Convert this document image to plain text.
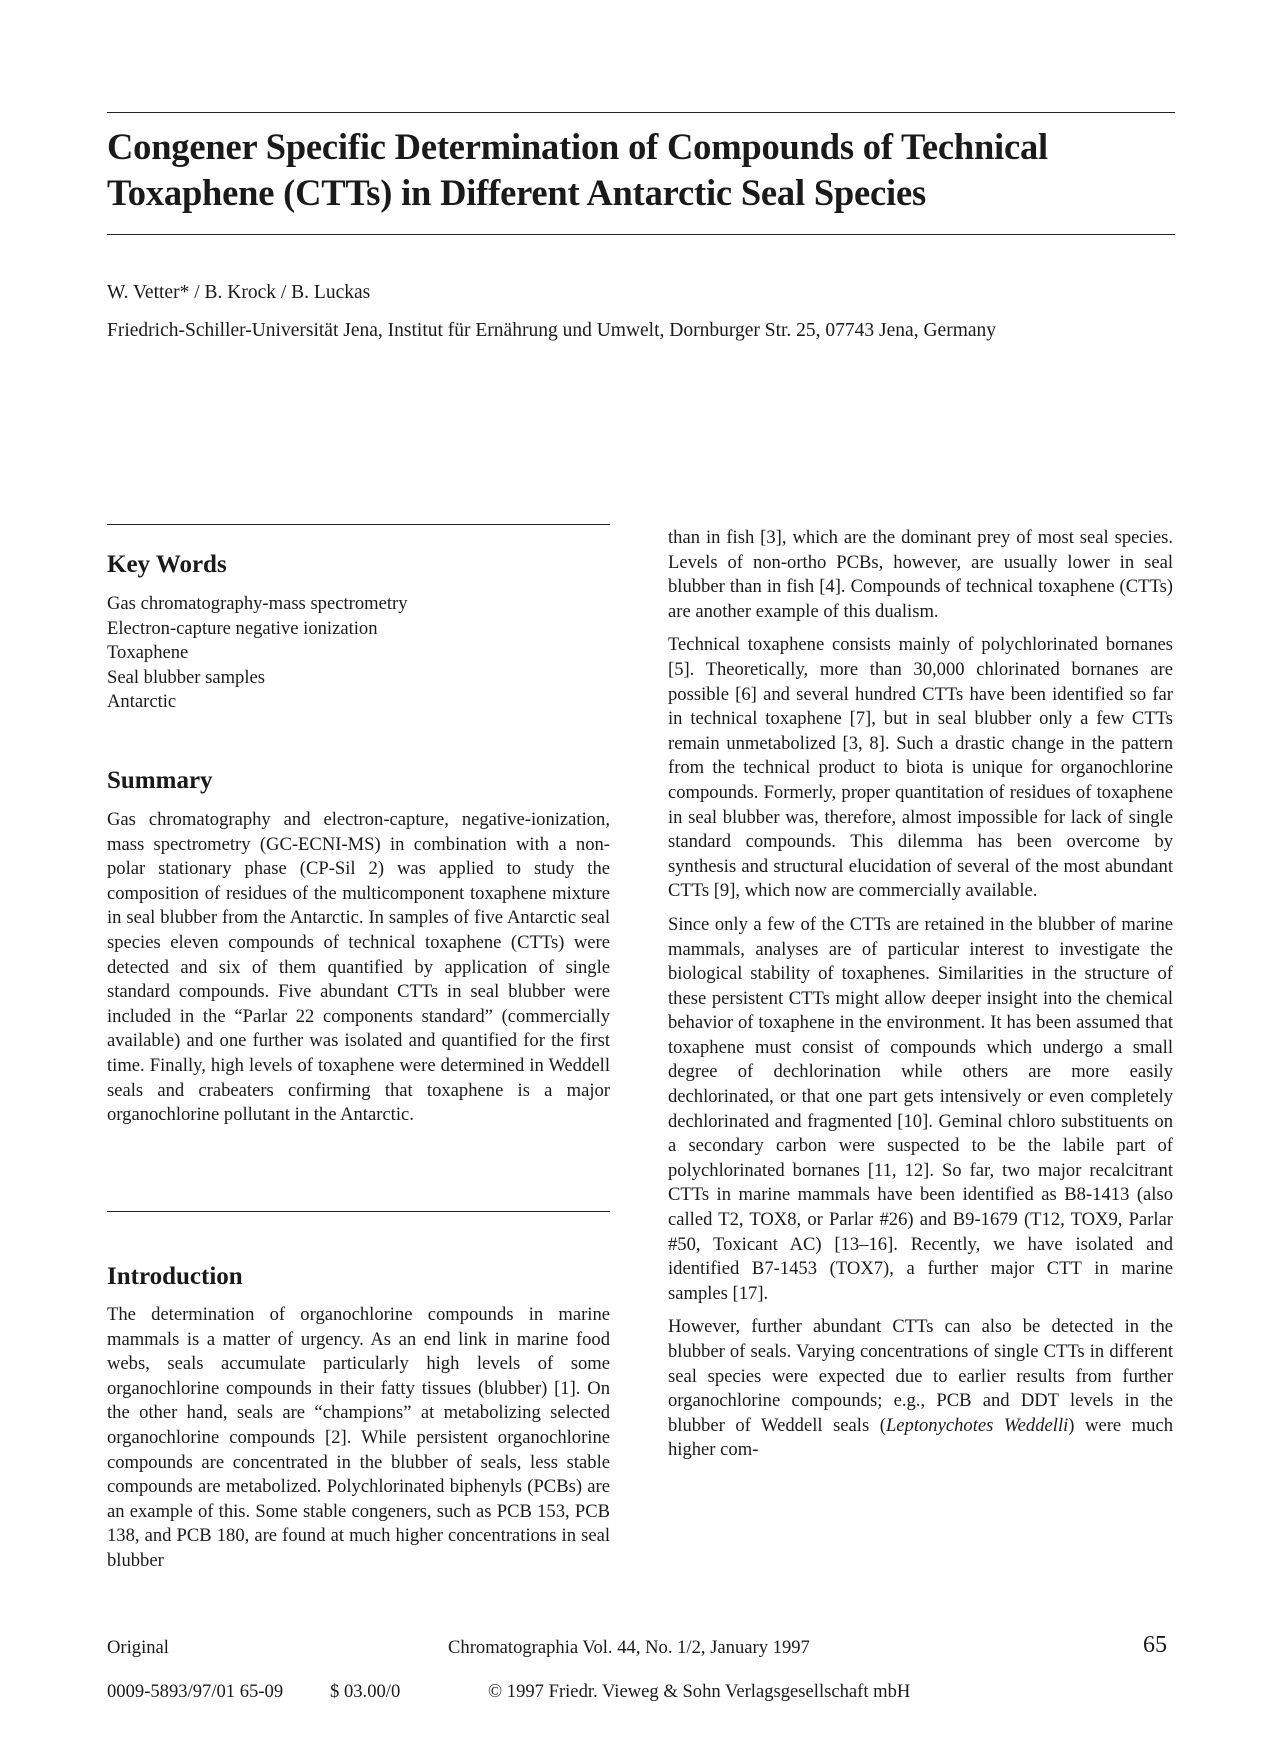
Congener Specific Determination of Compounds of Technical Toxaphene (CTTs) in Different Antarctic Seal Species
W. Vetter* / B. Krock / B. Luckas
Friedrich-Schiller-Universität Jena, Institut für Ernährung und Umwelt, Dornburger Str. 25, 07743 Jena, Germany
Key Words
Gas chromatography-mass spectrometry
Electron-capture negative ionization
Toxaphene
Seal blubber samples
Antarctic
Summary

Gas chromatography and electron-capture, negative-ionization, mass spectrometry (GC-ECNI-MS) in combination with a non-polar stationary phase (CP-Sil 2) was applied to study the composition of residues of the multicomponent toxaphene mixture in seal blubber from the Antarctic. In samples of five Antarctic seal species eleven compounds of technical toxaphene (CTTs) were detected and six of them quantified by application of single standard compounds. Five abundant CTTs in seal blubber were included in the “Parlar 22 components standard” (commercially available) and one further was isolated and quantified for the first time. Finally, high levels of toxaphene were determined in Weddell seals and crabeaters confirming that toxaphene is a major organochlorine pollutant in the Antarctic.

Introduction

The determination of organochlorine compounds in marine mammals is a matter of urgency. As an end link in marine food webs, seals accumulate particularly high levels of some organochlorine compounds in their fatty tissues (blubber) [1]. On the other hand, seals are “champions” at metabolizing selected organochlorine compounds [2]. While persistent organochlorine compounds are concentrated in the blubber of seals, less stable compounds are metabolized. Polychlorinated biphenyls (PCBs) are an example of this. Some stable congeners, such as PCB 153, PCB 138, and PCB 180, are found at much higher concentrations in seal blubber

than in fish [3], which are the dominant prey of most seal species. Levels of non-ortho PCBs, however, are usually lower in seal blubber than in fish [4]. Compounds of technical toxaphene (CTTs) are another example of this dualism.

Technical toxaphene consists mainly of polychlorinated bornanes [5]. Theoretically, more than 30,000 chlorinated bornanes are possible [6] and several hundred CTTs have been identified so far in technical toxaphene [7], but in seal blubber only a few CTTs remain unmetabolized [3, 8]. Such a drastic change in the pattern from the technical product to biota is unique for organochlorine compounds. Formerly, proper quantitation of residues of toxaphene in seal blubber was, therefore, almost impossible for lack of single standard compounds. This dilemma has been overcome by synthesis and structural elucidation of several of the most abundant CTTs [9], which now are commercially available.

Since only a few of the CTTs are retained in the blubber of marine mammals, analyses are of particular interest to investigate the biological stability of toxaphenes. Similarities in the structure of these persistent CTTs might allow deeper insight into the chemical behavior of toxaphene in the environment. It has been assumed that toxaphene must consist of compounds which undergo a small degree of dechlorination while others are more easily dechlorinated, or that one part gets intensively or even completely dechlorinated and fragmented [10]. Geminal chloro substituents on a secondary carbon were suspected to be the labile part of polychlorinated bornanes [11, 12]. So far, two major recalcitrant CTTs in marine mammals have been identified as B8-1413 (also called T2, TOX8, or Parlar #26) and B9-1679 (T12, TOX9, Parlar #50, Toxicant AC) [13–16]. Recently, we have isolated and identified B7-1453 (TOX7), a further major CTT in marine samples [17].

However, further abundant CTTs can also be detected in the blubber of seals. Varying concentrations of single CTTs in different seal species were expected due to earlier results from further organochlorine compounds; e.g., PCB and DDT levels in the blubber of Weddell seals (Leptonychotes Weddelli) were much higher com-

Original	Chromatographia Vol. 44, No. 1/2, January 1997	65
0009-5893/97/01 65-09	$ 03.00/0	© 1997 Friedr. Vieweg & Sohn Verlagsgesellschaft mbH
